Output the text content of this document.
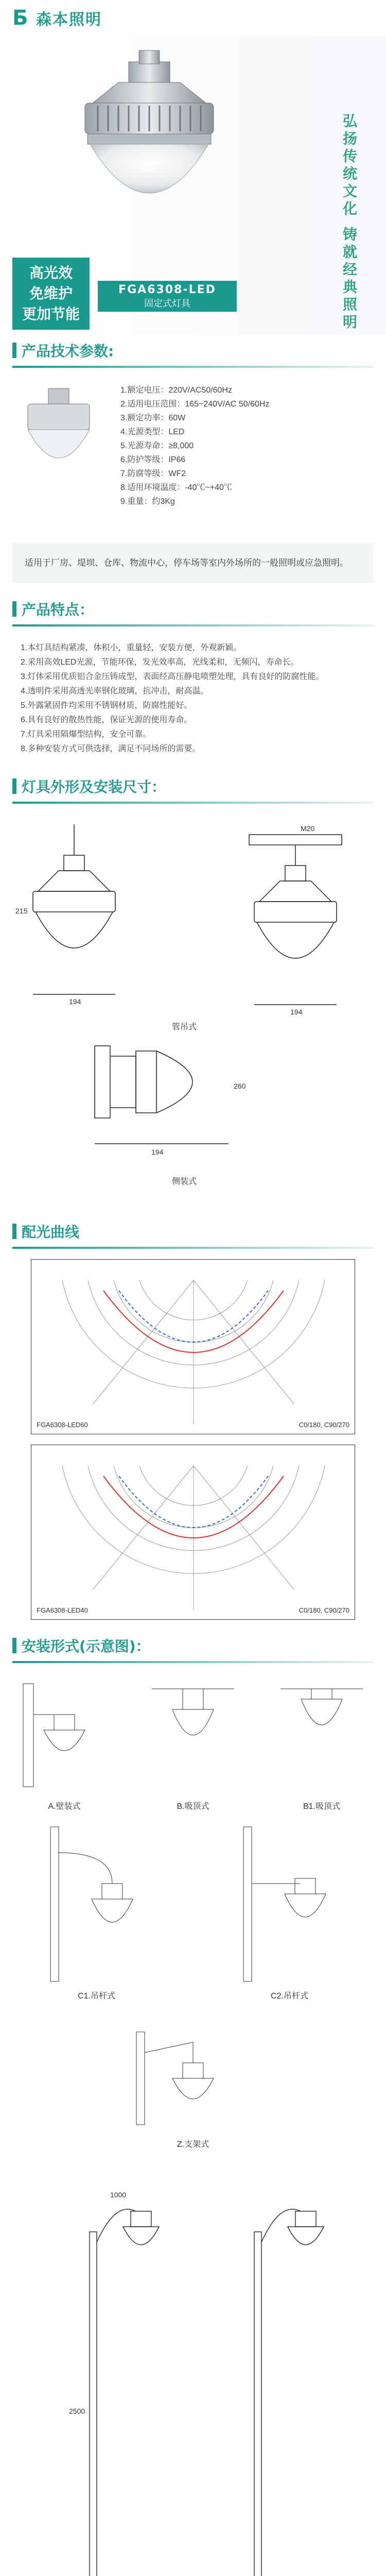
Б 森本照明
弘扬传统文化 铸就经典照明
高光效
免维护
更加节能
FGA6308-LED
固定式灯具
产品技术参数:
1.额定电压：220V/AC50/60Hz
2.适用电压范围：165~240V/AC 50/60Hz
3.额定功率：60W
4.光源类型：LED
5.光源寿命：≥8,000
6.防护等级：IP66
7.防腐等级：WF2
8.适用环境温度：-40℃~+40℃
9.重量：约3Kg
适用于厂房、堤坝、仓库、物流中心，停车场等室内外场所的一般照明或应急照明。
产品特点：
1.本灯具结构紧凑，体积小，重量轻，安装方便，外观新颖。
2.采用高效LED光源，节能环保，发光效率高，光线柔和，无频闪，寿命长。
3.灯体采用优质铝合金压铸成型，表面经高压静电喷塑处理，具有良好的防腐性能。
4.透明件采用高透光率钢化玻璃，抗冲击，耐高温。
5.外露紧固件均采用不锈钢材质，防腐性能好。
6.具有良好的散热性能，保证光源的使用寿命。
7.灯具采用隔爆型结构，安全可靠。
8.多种安装方式可供选择，满足不同场所的需要。
灯具外形及安装尺寸：
194
215
M20
194
管吊式
260
194
侧装式
配光曲线
FGA6308-LED60	C0/180, C90/270
FGA6308-LED40	C0/180, C90/270
安装形式(示意图)：
A.壁装式	B.吸顶式	B1.吸顶式
C1.吊杆式	C2.吊杆式
Z.支架式
2500
1000
